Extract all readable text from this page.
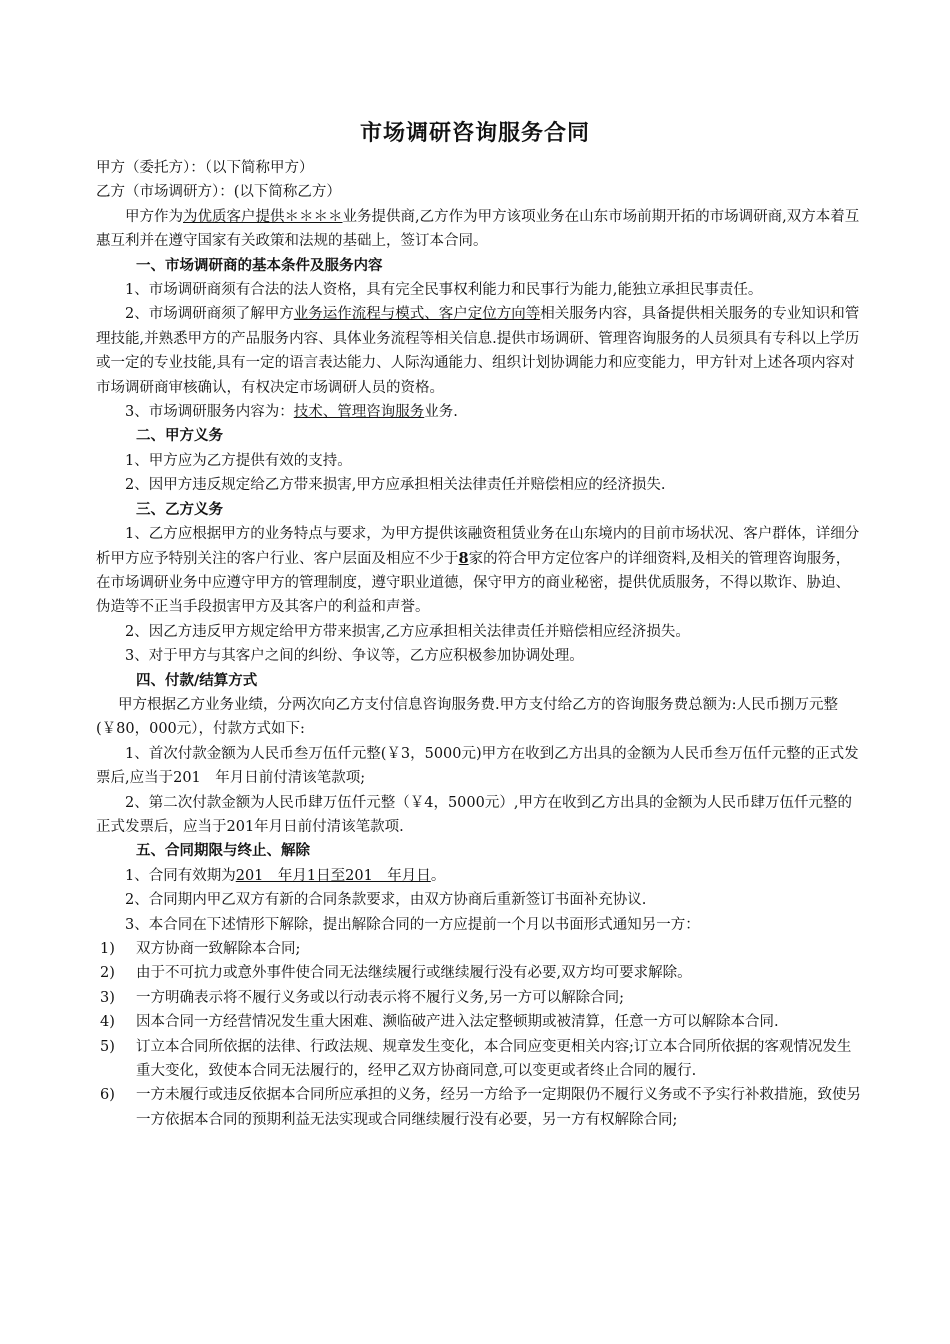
市场调研咨询服务合同

甲方（委托方）：（以下简称甲方）

乙方（市场调研方）：(以下简称乙方）

甲方作为为优质客户提供＊＊＊＊业务提供商,乙方作为甲方该项业务在山东市场前期开拓的市场调研商,双方本着互惠互利并在遵守国家有关政策和法规的基础上，签订本合同。

一、市场调研商的基本条件及服务内容

1、市场调研商须有合法的法人资格，具有完全民事权利能力和民事行为能力,能独立承担民事责任。

2、市场调研商须了解甲方业务运作流程与模式、客户定位方向等相关服务内容，具备提供相关服务的专业知识和管理技能,并熟悉甲方的产品服务内容、具体业务流程等相关信息.提供市场调研、管理咨询服务的人员须具有专科以上学历或一定的专业技能,具有一定的语言表达能力、人际沟通能力、组织计划协调能力和应变能力，甲方针对上述各项内容对市场调研商审核确认，有权决定市场调研人员的资格。

3、市场调研服务内容为：技术、管理咨询服务业务.

二、甲方义务

1、甲方应为乙方提供有效的支持。

2、因甲方违反规定给乙方带来损害,甲方应承担相关法律责任并赔偿相应的经济损失.

三、乙方义务

1、乙方应根据甲方的业务特点与要求，为甲方提供该融资租赁业务在山东境内的目前市场状况、客户群体，详细分析甲方应予特别关注的客户行业、客户层面及相应不少于8家的符合甲方定位客户的详细资料,及相关的管理咨询服务，在市场调研业务中应遵守甲方的管理制度，遵守职业道德，保守甲方的商业秘密，提供优质服务，不得以欺诈、胁迫、伪造等不正当手段损害甲方及其客户的利益和声誉。

2、因乙方违反甲方规定给甲方带来损害,乙方应承担相关法律责任并赔偿相应经济损失。

3、对于甲方与其客户之间的纠纷、争议等，乙方应积极参加协调处理。

四、付款/结算方式

甲方根据乙方业务业绩，分两次向乙方支付信息咨询服务费.甲方支付给乙方的咨询服务费总额为:人民币捌万元整(￥80，000元），付款方式如下:

1、首次付款金额为人民币叁万伍仟元整(￥3，5000元)甲方在收到乙方出具的金额为人民币叁万伍仟元整的正式发票后,应当于201　年月日前付清该笔款项;

2、第二次付款金额为人民币肆万伍仟元整（￥4，5000元）,甲方在收到乙方出具的金额为人民币肆万伍仟元整的正式发票后，应当于201年月日前付清该笔款项.

五、合同期限与终止、解除

1、合同有效期为201　年月1日至201　年月日。

2、合同期内甲乙双方有新的合同条款要求，由双方协商后重新签订书面补充协议.

3、本合同在下述情形下解除，提出解除合同的一方应提前一个月以书面形式通知另一方：

1)	双方协商一致解除本合同;
2)	由于不可抗力或意外事件使合同无法继续履行或继续履行没有必要,双方均可要求解除。
3)	一方明确表示将不履行义务或以行动表示将不履行义务,另一方可以解除合同;
4)	因本合同一方经营情况发生重大困难、濒临破产进入法定整顿期或被清算，任意一方可以解除本合同.
5)	订立本合同所依据的法律、行政法规、规章发生变化，本合同应变更相关内容;订立本合同所依据的客观情况发生重大变化，致使本合同无法履行的，经甲乙双方协商同意,可以变更或者终止合同的履行.
6)	一方未履行或违反依据本合同所应承担的义务，经另一方给予一定期限仍不履行义务或不予实行补救措施，致使另一方依据本合同的预期利益无法实现或合同继续履行没有必要，另一方有权解除合同;
